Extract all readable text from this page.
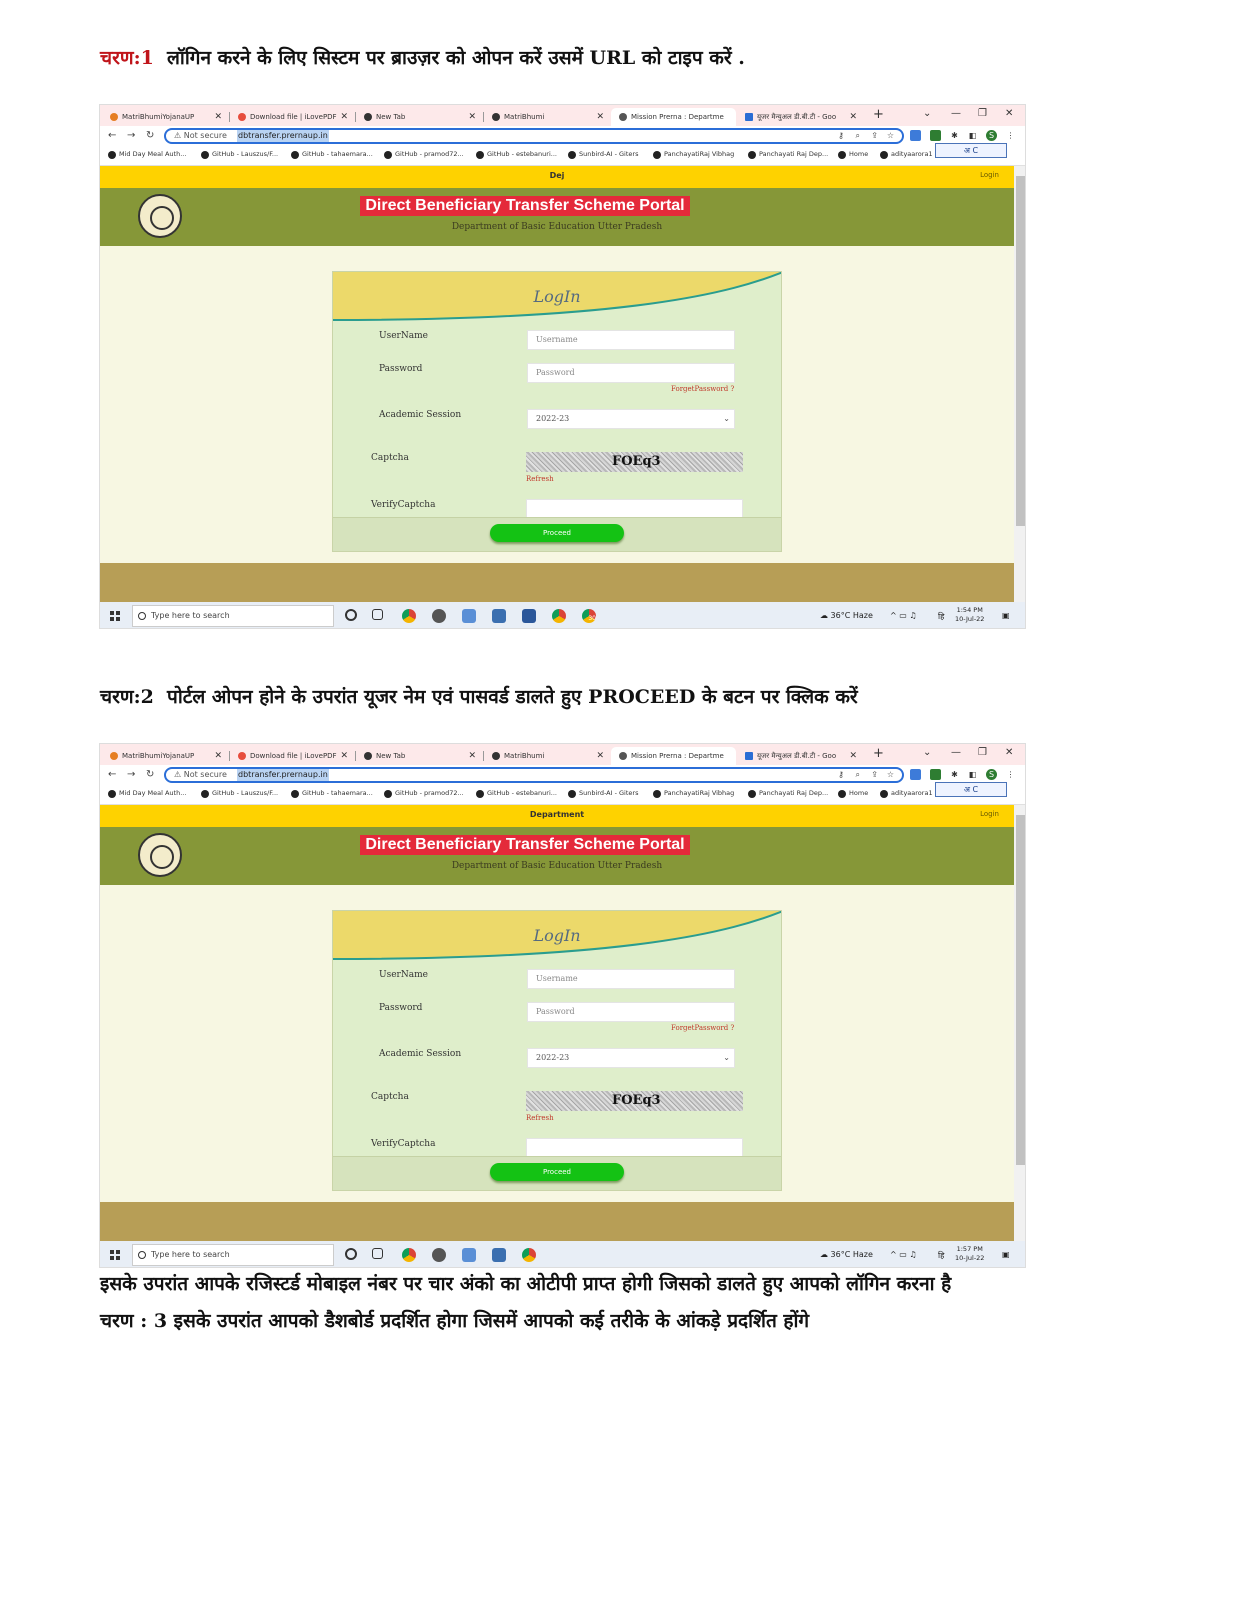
चरण:1 लॉगिन करने के लिए सिस्टम पर ब्राउज़र को ओपन करें उसमें URL को टाइप करें .
MatriBhumiYojanaUP ✕	Download file | iLovePDF ✕	New Tab	✕	MatriBhumi	✕	Mission Prerna : Departme	यूजर मैन्युअल डी.बी.टी - Goo ✕ +	⌄ — ❐ ✕
← → ↻ ⚠ Not secure dbtransfer.prernaup.in	⚷ ⌕ ⇪ ☆	✱ ◧	S	⋮
Mid Day Meal Auth...	GitHub - Lauszus/F...	GitHub - tahaemara...	GitHub - pramod72...	GitHub - estebanuri...	Sunbird-AI - Giters	PanchayatiRaj Vibhag	Panchayati Raj Dep...	Home	adityaarora1	अ C
Dej	Login
Direct Beneficiary Transfer Scheme Portal
Department of Basic Education Utter Pradesh
LogIn
UserName	Username
Password	Password
ForgetPassword ?
Academic Session	2022-23	⌄
Captcha	FOEq3
Refresh
VerifyCaptcha
Proceed
Type here to search	30	☁ 36°C Haze ^ ▭ ♫	हि
1:54 PM
10-Jul-22 ▣
चरण:2 पोर्टल ओपन होने के उपरांत यूजर नेम एवं पासवर्ड डालते हुए PROCEED के बटन पर क्लिक करें
MatriBhumiYojanaUP ✕	Download file | iLovePDF ✕	New Tab	✕	MatriBhumi	✕	Mission Prerna : Departme	यूजर मैन्युअल डी.बी.टी - Goo ✕ +	⌄ — ❐ ✕
← → ↻ ⚠ Not secure dbtransfer.prernaup.in	⚷ ⌕ ⇪ ☆	✱ ◧	S	⋮
Mid Day Meal Auth...	GitHub - Lauszus/F...	GitHub - tahaemara...	GitHub - pramod72...	GitHub - estebanuri...	Sunbird-AI - Giters	PanchayatiRaj Vibhag	Panchayati Raj Dep...	Home	adityaarora1	अ C
Department	Login
Direct Beneficiary Transfer Scheme Portal
Department of Basic Education Utter Pradesh
LogIn
UserName	Username
Password	Password
ForgetPassword ?
Academic Session	2022-23	⌄
Captcha	FOEq3
Refresh
VerifyCaptcha
Proceed
Type here to search	☁ 36°C Haze ^ ▭ ♫	हि
1:57 PM
10-Jul-22 ▣
इसके उपरांत आपके रजिस्टर्ड मोबाइल नंबर पर चार अंको का ओटीपी प्राप्त होगी जिसको डालते हुए आपको लॉगिन करना है
चरण : 3 इसके उपरांत आपको डैशबोर्ड प्रदर्शित होगा जिसमें आपको कई तरीके के आंकड़े प्रदर्शित होंगे
